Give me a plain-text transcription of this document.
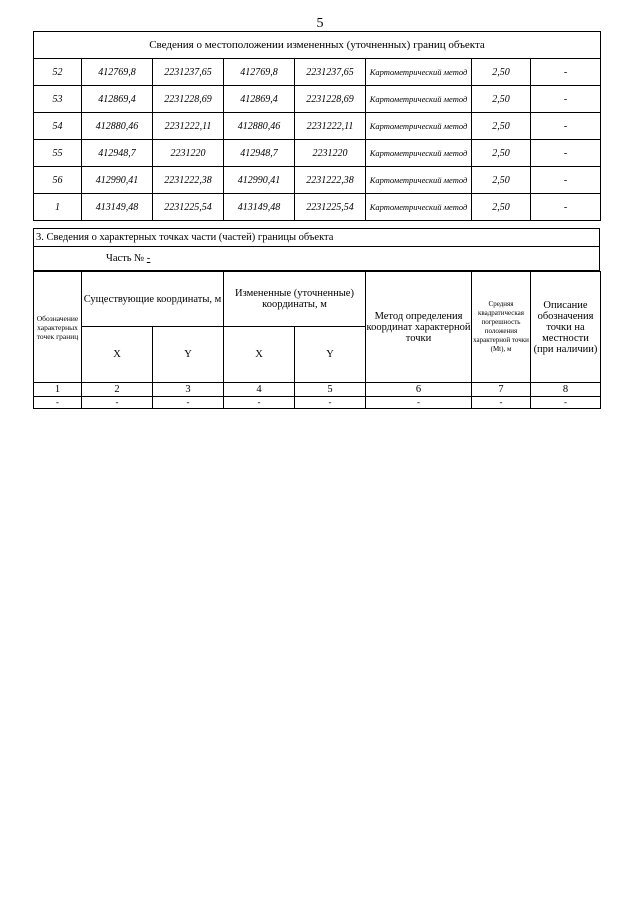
5
Сведения о местоположении измененных (уточненных) границ объекта							
52	412769,8	2231237,65	412769,8	2231237,65	Картометрический метод	2,50	-
53	412869,4	2231228,69	412869,4	2231228,69	Картометрический метод	2,50	-
54	412880,46	2231222,11	412880,46	2231222,11	Картометрический метод	2,50	-
55	412948,7	2231220	412948,7	2231220	Картометрический метод	2,50	-
56	412990,41	2231222,38	412990,41	2231222,38	Картометрический метод	2,50	-
1	413149,48	2231225,54	413149,48	2231225,54	Картометрический метод	2,50	-
3. Сведения о характерных точках части (частей) границы объекта
Часть № -
Обозначение характерных точек границ	Существующие координаты, м		Измененные (уточненные) координаты, м		Метод определения координат характерной точки	Средняя квадратическая погрешность положения характерной точки (Mt), м	Описание обозначения точки на местности (при наличии)
	X	Y	X	Y			
1	2	3	4	5	6	7	8
-	-	-	-	-	-	-	-
